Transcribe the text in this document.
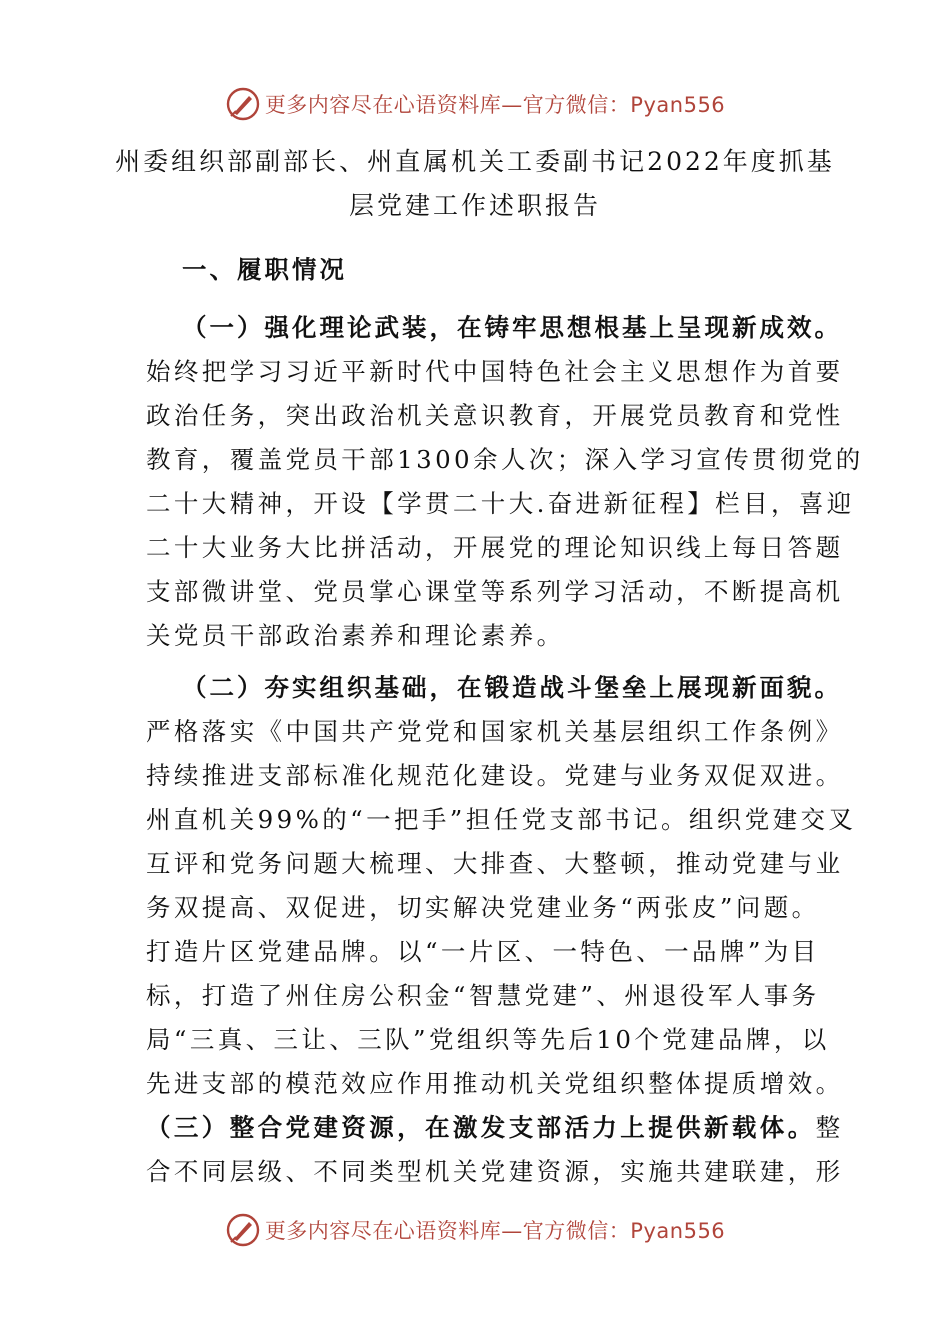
更多内容尽在心语资料库—官方微信：Pyan556
州委组织部副部长、州直属机关工委副书记2022年度抓基
层党建工作述职报告
一、履职情况
（一）强化理论武装，在铸牢思想根基上呈现新成效。
始终把学习习近平新时代中国特色社会主义思想作为首要
政治任务，突出政治机关意识教育，开展党员教育和党性
教育，覆盖党员干部1300余人次；深入学习宣传贯彻党的
二十大精神，开设【学贯二十大.奋进新征程】栏目，喜迎
二十大业务大比拼活动，开展党的理论知识线上每日答题
支部微讲堂、党员掌心课堂等系列学习活动，不断提高机
关党员干部政治素养和理论素养。
（二）夯实组织基础，在锻造战斗堡垒上展现新面貌。
严格落实《中国共产党党和国家机关基层组织工作条例》
持续推进支部标准化规范化建设。党建与业务双促双进。
州直机关99%的“一把手”担任党支部书记。组织党建交叉
互评和党务问题大梳理、大排查、大整顿，推动党建与业
务双提高、双促进，切实解决党建业务“两张皮”问题。
打造片区党建品牌。以“一片区、一特色、一品牌”为目
标，打造了州住房公积金“智慧党建”、州退役军人事务
局“三真、三让、三队”党组织等先后10个党建品牌，以
先进支部的模范效应作用推动机关党组织整体提质增效。
（三）整合党建资源，在激发支部活力上提供新载体。整
合不同层级、不同类型机关党建资源，实施共建联建，形
更多内容尽在心语资料库—官方微信：Pyan556
